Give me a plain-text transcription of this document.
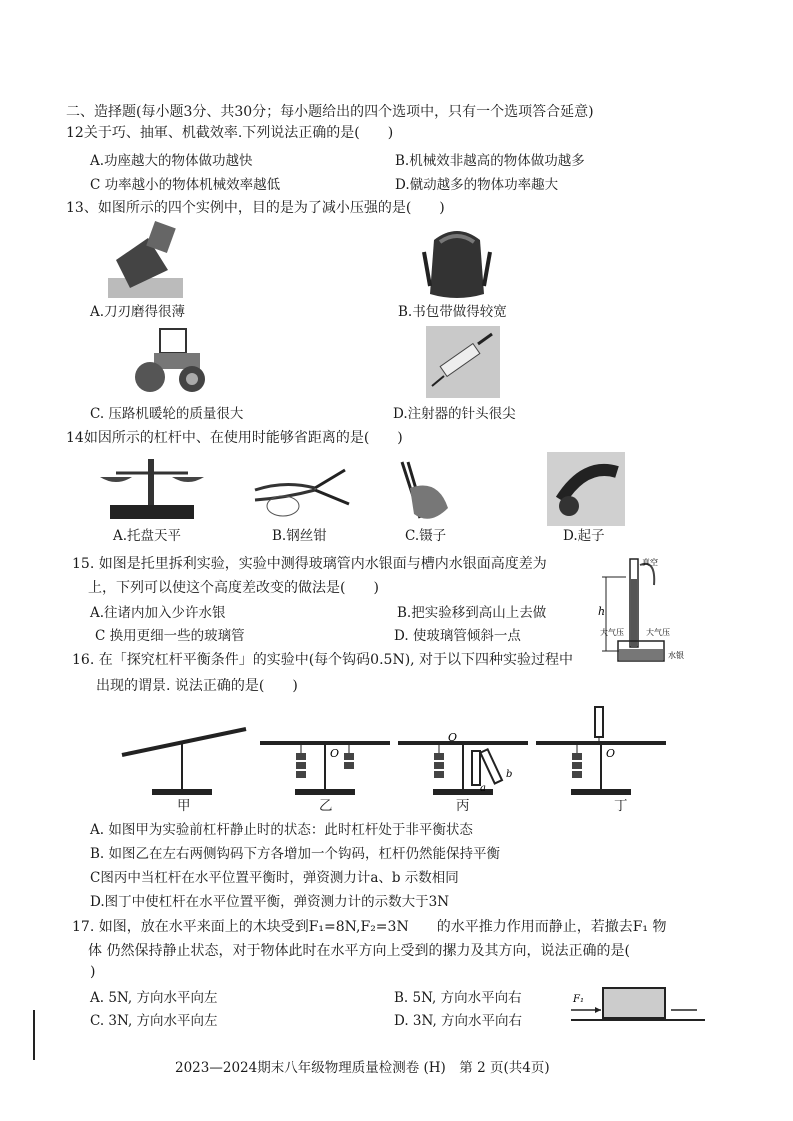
二、造择题(每小题3分、共30分；每小题给出的四个选项中，只有一个选项答合延意)
12关于巧、抽軍、机截效率.下列说法正确的是(　　)
A.功座越大的物体做功越快	B.机械效非越高的物体做功越多
C 功率越小的物体机械效率越低	D.僦动越多的物体功率趣大
13、如图所示的四个实例中，目的是为了减小压强的是(　　)
A.刀刃磨得很薄	B.书包带做得较宽
C. 压路机暖轮的质量很大	D.注射器的针头很尖
14如因所示的杠杆中、在使用时能够省距离的是(　　)
A.托盘天平	B.钢丝钳	C.镊子	D.起子
15. 如图是托里拆利实验，实验中测得玻璃管内水银面与槽内水银面高度差为
上，下列可以使这个高度差改变的做法是(　　)
A.往诸内加入少许水银	B.把实验移到高山上去做
C 换用更细一些的玻璃管	D. 使玻璃管倾斜一点
真空
h
大气压	大气压
水银
16. 在「探究杠杆平衡条件」的实验中(每个钩码0.5N), 对于以下四种实验过程中
出现的谓景. 说法正确的是(　　)
O
O
a
b
O
甲	乙	丙	丁
A. 如图甲为实验前杠杆静止时的状态：此时杠杆处于非平衡状态
B. 如图乙在左右两侧钩码下方各增加一个钩码，杠杆仍然能保持平衡
C图丙中当杠杆在水平位置平衡时，弹资测力计a、b 示数相同
D.图丁中使杠杆在水平位置平衡，弹资测力计的示数大于3N
17. 如图，放在水平来面上的木块受到F₁=8N,F₂=3N　　的水平推力作用而静止，若撤去F₁ 物
体 仍然保持静止状态，对于物体此时在水平方向上受到的摞力及其方向，说法正确的是(
)
A. 5N, 方向水平向左	B. 5N, 方向水平向右
C. 3N, 方向水平向左	D. 3N, 方向水平向右
F₁
2023—2024期末八年级物理质量检测卷 (H)　第 2 页(共4页)
